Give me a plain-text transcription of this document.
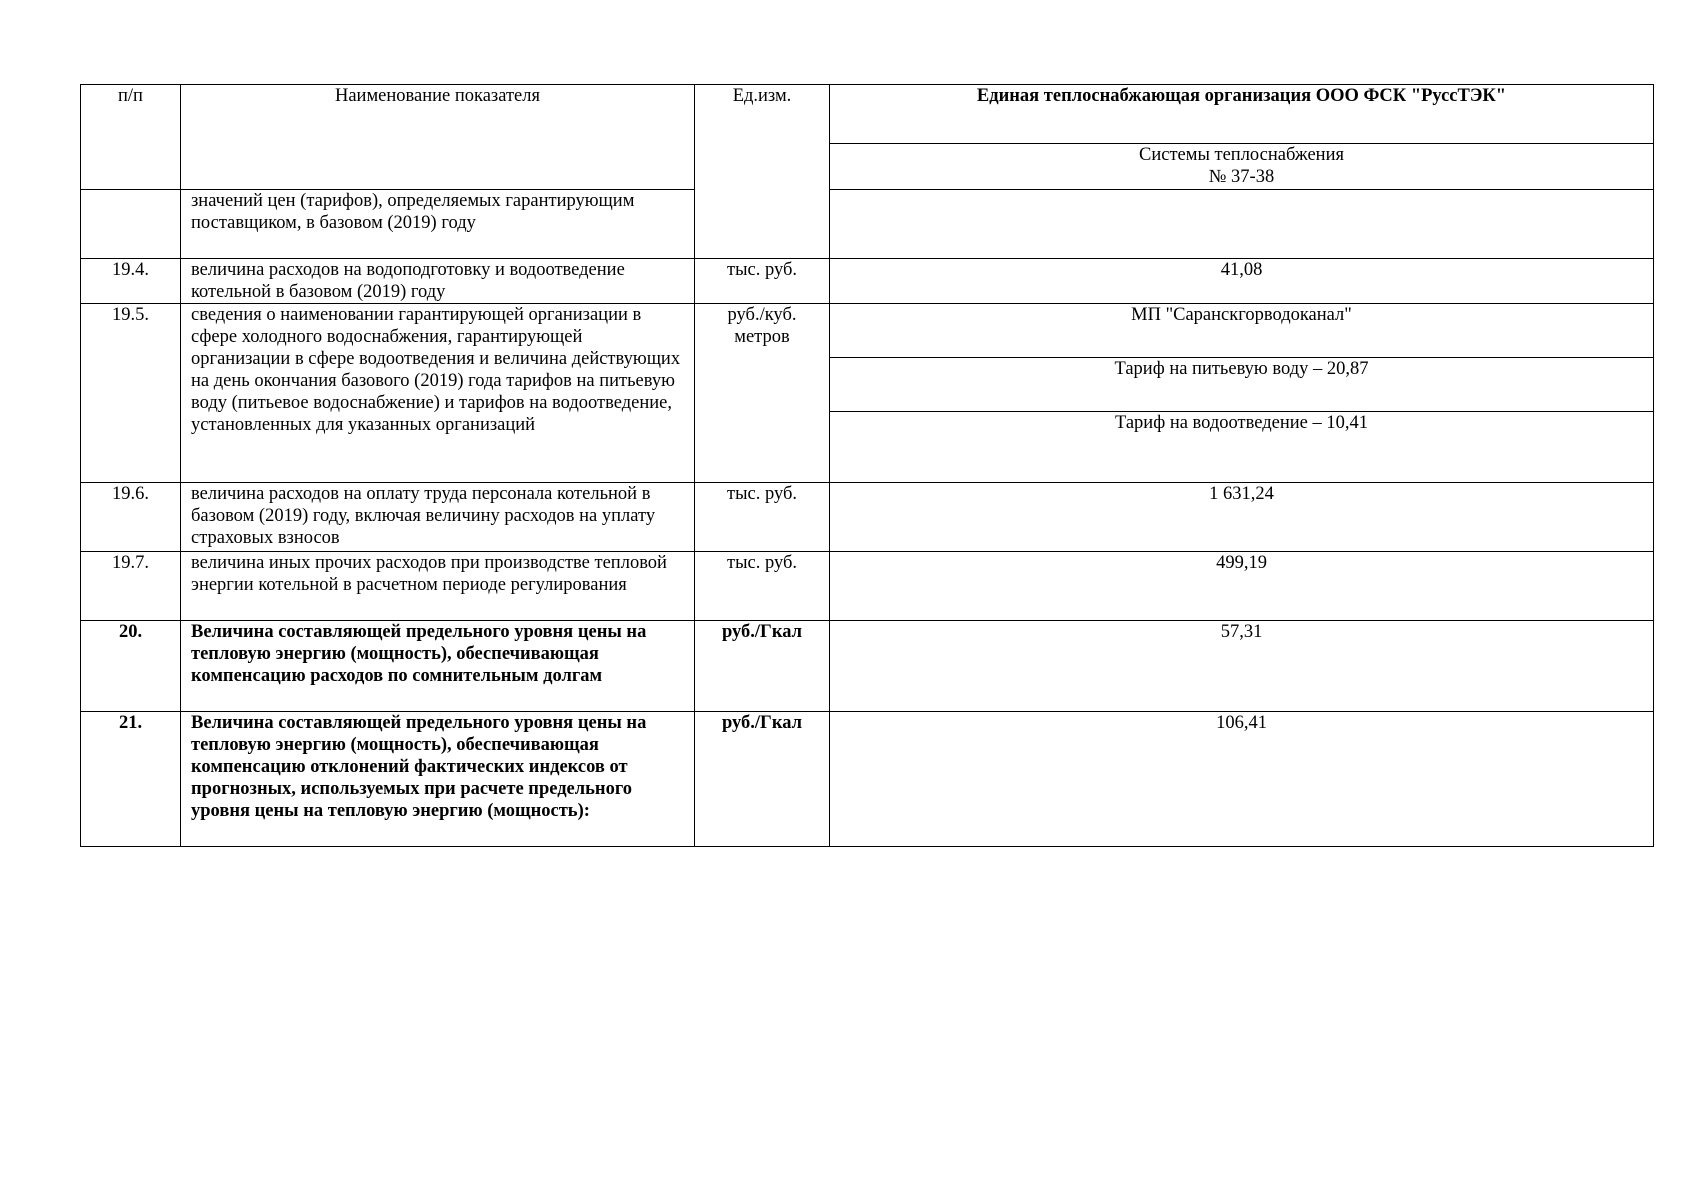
п/п	Наименование показателя	Ед.изм.	Единая теплоснабжающая организация ООО ФСК "РуссТЭК"

			Системы теплоснабжения
№ 37-38

	значений цен (тарифов), определяемых гарантирующим поставщиком, в базовом (2019) году		
19.4.	величина расходов на водоподготовку и водоотведение котельной в базовом (2019) году	тыс. руб.	41,08
19.5.	сведения о наименовании гарантирующей организации в сфере холодного водоснабжения, гарантирующей организации в сфере водоотведения и величина действующих на день окончания базового (2019) года тарифов на питьевую воду (питьевое водоснабжение) и тарифов на водоотведение, установленных для указанных организаций	руб./куб. метров	МП "Саранскгорводоканал"
			Тариф на питьевую воду – 20,87
			Тариф на водоотведение – 10,41
19.6.	величина расходов на оплату труда персонала котельной в базовом (2019) году, включая величину расходов на уплату страховых взносов	тыс. руб.	1 631,24
19.7.	величина иных прочих расходов при производстве тепловой энергии котельной в расчетном периоде регулирования	тыс. руб.	499,19
20.	Величина составляющей предельного уровня цены на тепловую энергию (мощность), обеспечивающая компенсацию расходов по сомнительным долгам	руб./Гкал	57,31
21.	Величина составляющей предельного уровня цены на тепловую энергию (мощность), обеспечивающая компенсацию отклонений фактических индексов от прогнозных, используемых при расчете предельного уровня цены на тепловую энергию (мощность):	руб./Гкал	106,41
